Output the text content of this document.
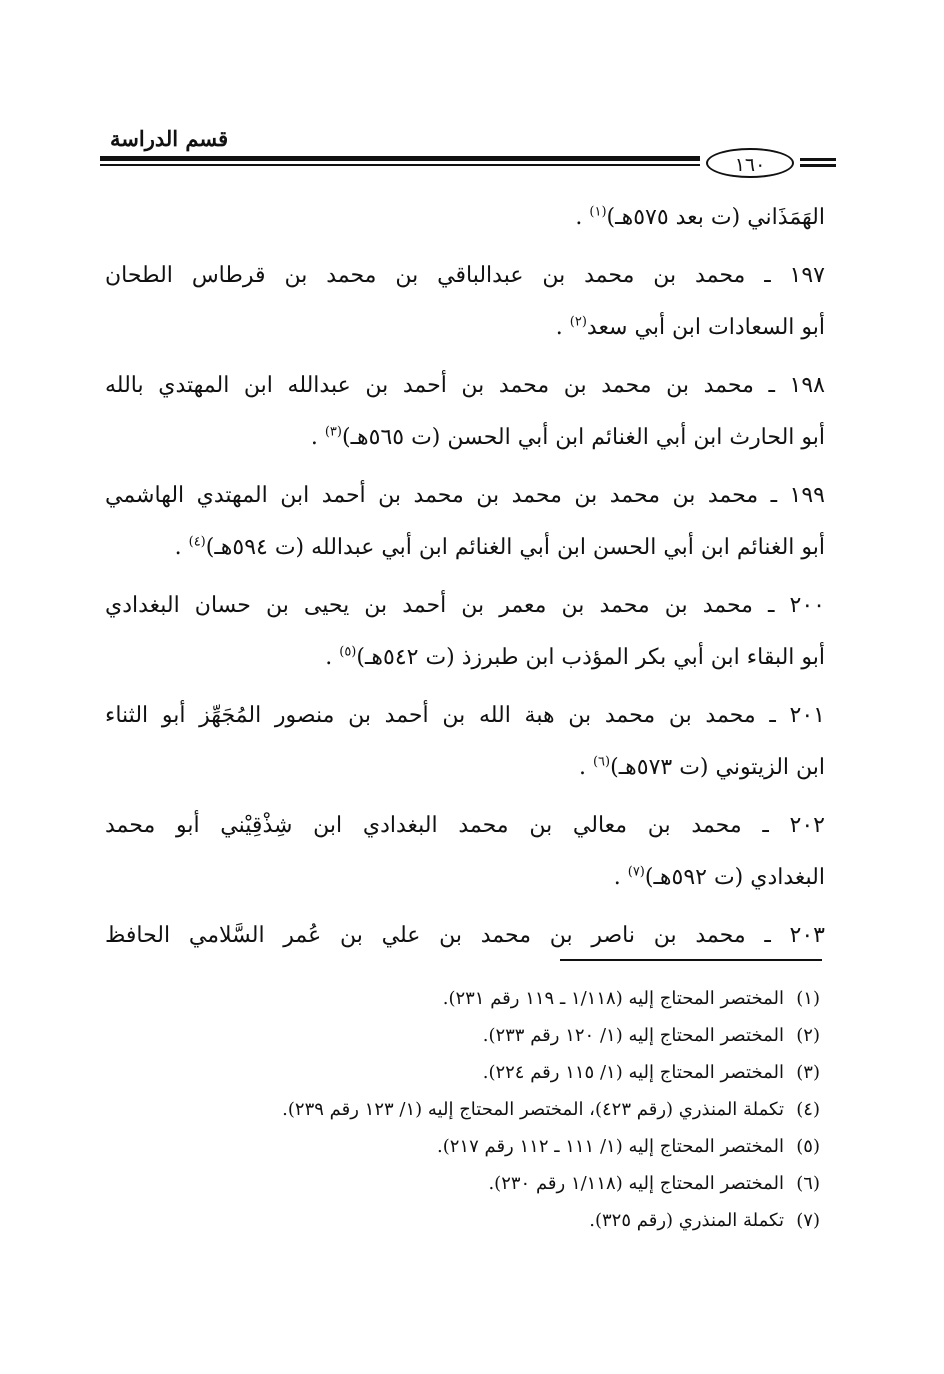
قسم الدراسة
١٦٠
الهَمَذَاني (ت بعد ٥٧٥هـ)$^{(١)}$ .
١٩٧ ـ محمد بن محمد بن عبدالباقي بن محمد بن قرطاس الطحان
أبو السعادات ابن أبي سعد$^{(٢)}$ .
١٩٨ ـ محمد بن محمد بن محمد بن أحمد بن عبدالله ابن المهتدي بالله
أبو الحارث ابن أبي الغنائم ابن أبي الحسن (ت ٥٦٥هـ)$^{(٣)}$ .
١٩٩ ـ محمد بن محمد بن محمد بن محمد بن أحمد ابن المهتدي الهاشمي
أبو الغنائم ابن أبي الحسن ابن أبي الغنائم ابن أبي عبدالله (ت ٥٩٤هـ)$^{(٤)}$ .
٢٠٠ ـ محمد بن محمد بن معمر بن أحمد بن يحيى بن حسان البغدادي
أبو البقاء ابن أبي بكر المؤذب ابن طبرزذ (ت ٥٤٢هـ)$^{(٥)}$ .
٢٠١ ـ محمد بن محمد بن هبة الله بن أحمد بن منصور المُجَهِّز أبو الثناء
ابن الزيتوني (ت ٥٧٣هـ)$^{(٦)}$ .
٢٠٢ ـ محمد بن معالي بن محمد البغدادي ابن شِذْقِيْني أبو محمد
البغدادي (ت ٥٩٢هـ)$^{(٧)}$ .
٢٠٣ ـ محمد بن ناصر بن محمد بن علي بن عُمر السَّلامي الحافظ
(١)المختصر المحتاج إليه (١/١١٨ ـ ١١٩ رقم ٢٣١).
(٢)المختصر المحتاج إليه (١/ ١٢٠ رقم ٢٣٣).
(٣)المختصر المحتاج إليه (١/ ١١٥ رقم ٢٢٤).
(٤)تكملة المنذري (رقم ٤٢٣)، المختصر المحتاج إليه (١/ ١٢٣ رقم ٢٣٩).
(٥)المختصر المحتاج إليه (١/ ١١١ ـ ١١٢ رقم ٢١٧).
(٦)المختصر المحتاج إليه (١/١١٨ رقم ٢٣٠).
(٧)تكملة المنذري (رقم ٣٢٥).
